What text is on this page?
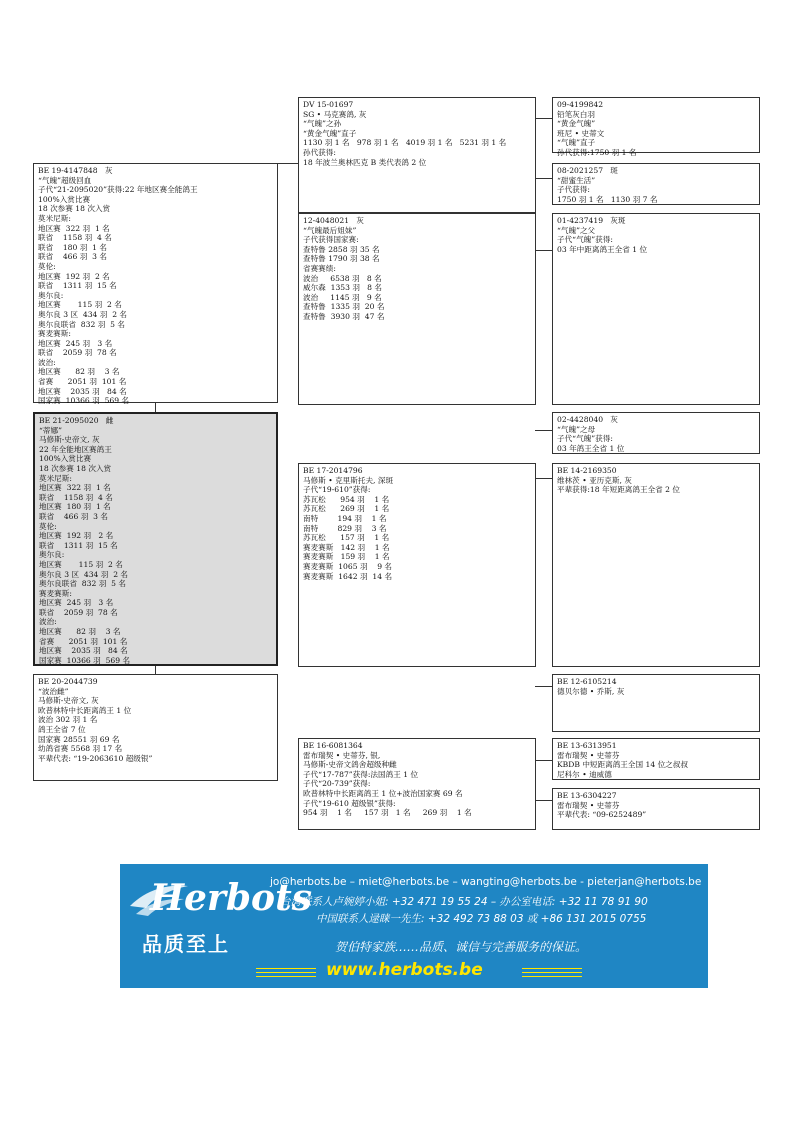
DV 15-01697
SG • 马克赛鸽, 灰
“气魄”之孙
“黄金气魄”直子
1130 羽 1 名   978 羽 1 名   4019 羽 1 名   5231 羽 1 名
孙代获得:
18 年波兰奥林匹克 B 类代表鸽 2 位
09-4199842
铅笔灰白羽
“黄金气魄”
班尼 • 史蒂文
“气魄”直子
孙代获得:1750 羽 1 名
08-2021257   斑
“甜蜜生活”
子代获得:
1750 羽 1 名   1130 羽 7 名
BE 19-4147848   灰
“气魄”超级回血
子代“21-2095020”获得:22 年地区赛全能鸽王
100%入赏比赛
18 次参赛 18 次入赏
莫米尼斯:
地区赛  322 羽  1 名
联省    1158 羽  4 名
联省    180 羽  1 名
联省    466 羽  3 名
莫伦:
地区赛  192 羽  2 名
联省    1311 羽  15 名
奥尔良:
地区赛       115 羽  2 名
奥尔良 3 区  434 羽  2 名
奥尔良联省  832 羽  5 名
赛麦赛斯:
地区赛  245 羽   3 名
联省    2059 羽  78 名
波治:
地区赛      82 羽    3 名
省赛      2051 羽  101 名
地区赛    2035 羽   84 名
国家赛  10366 羽  569 名
12-4048021   灰
“气魄最后姐妹”
子代获得国家赛:
查特鲁 2858 羽 35 名
查特鲁 1790 羽 38 名
省赛赛绩:
波治     6538 羽   8 名
威尔森  1353 羽   8 名
波治     1145 羽   9 名
查特鲁  1335 羽  20 名
查特鲁  3930 羽  47 名
01-4237419   灰斑
“气魄”之父
子代“气魄”获得:
03 年中距离鸽王全省 1 位
02-4428040   灰
“气魄”之母
子代“气魄”获得:
03 年鸽王全省 1 位
BE 21-2095020   雌
“蒂娜”
马修斯-史帝文, 灰
22 年全能地区赛鸽王
100%入赏比赛
18 次参赛 18 次入赏
莫米尼斯:
地区赛  322 羽  1 名
联省    1158 羽  4 名
地区赛  180 羽  1 名
联省    466 羽  3 名
莫伦:
地区赛  192 羽   2 名
联省    1311 羽  15 名
奥尔良:
地区赛       115 羽  2 名
奥尔良 3 区  434 羽  2 名
奥尔良联省  832 羽  5 名
赛麦赛斯:
地区赛  245 羽   3 名
联省    2059 羽  78 名
波治:
地区赛      82 羽    3 名
省赛      2051 羽  101 名
地区赛    2035 羽   84 名
国家赛  10366 羽  569 名
BE 17-2014796
马修斯 • 克里斯托夫, 深斑
子代“19-610”获得:
苏瓦松      954 羽    1 名
苏瓦松      269 羽    1 名
南特        194 羽    1 名
南特        829 羽    3 名
苏瓦松      157 羽    1 名
赛麦赛斯   142 羽    1 名
赛麦赛斯   159 羽    1 名
赛麦赛斯  1065 羽    9 名
赛麦赛斯  1642 羽  14 名
BE 14-2169350
维林茨 • 亚历克斯, 灰
平辈获得:18 年短距离鸽王全省 2 位
BE 20-2044739
“波治雌”
马修斯-史帝文, 灰
欧普林特中长距离鸽王 1 位
波治 302 羽 1 名
鸽王全省 7 位
国家赛 28551 羽 69 名
幼鸽省赛 5568 羽 17 名
平辈代表: “19-2063610 超级银”
BE 12-6105214
德贝尔德 • 乔斯, 灰
BE 16-6081364
雷布瑞契 • 史蒂芬, 银,
马修斯-史帝文鸽舍超级种雌
子代“17-787”获得:法国鸽王 1 位
子代“20-739”获得:
欧普林特中长距离鸽王 1 位+波治国家赛 69 名
子代“19-610 超级银”获得:
954 羽    1 名     157 羽   1 名     269 羽    1 名
BE 13-6313951
雷布瑞契 • 史蒂芬
KBDB 中短距离鸽王全国 14 位之叔叔
尼科尔 • 迪威德
BE 13-6304227
雷布瑞契 • 史蒂芬
平辈代表: “09-6252489”
Herbots
品质至上
jo@herbots.be – miet@herbots.be – wangting@herbots.be - pieterjan@herbots.be
台湾联系人卢婉婷小姐: +32 471 19 55 24 – 办公室电话: +32 11 78 91 90
中国联系人逯睐一先生: +32 492 73 88 03 或 +86 131 2015 0755
贺伯特家族……品质、诚信与完善服务的保证。
www.herbots.be
